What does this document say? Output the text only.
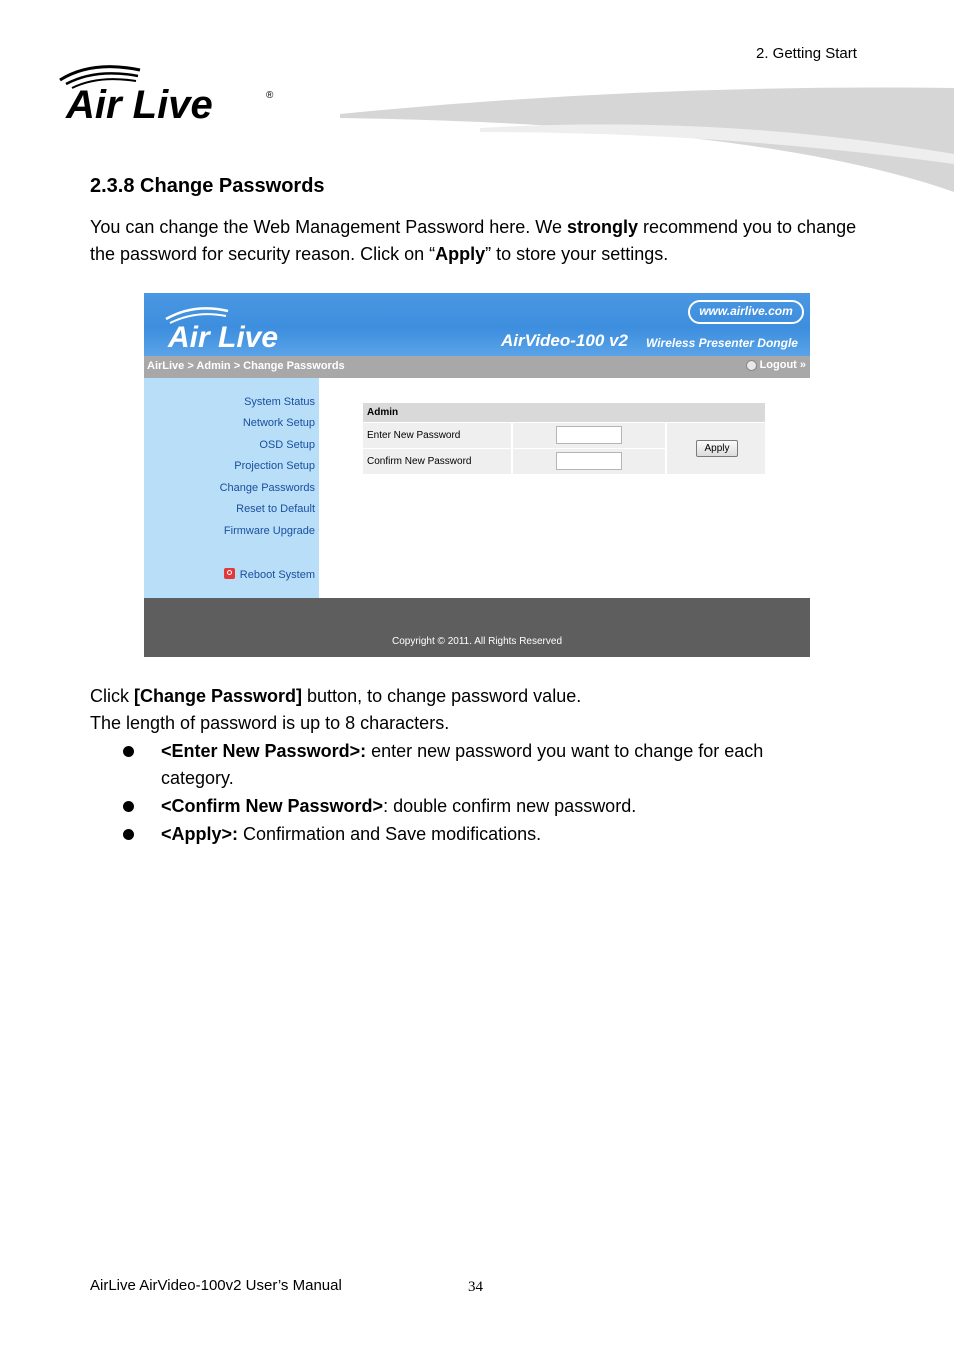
2. Getting Start
Air Live	®
2.3.8 Change Passwords
You can change the Web Management Password here. We strongly recommend you to change the password for security reason. Click on “Apply” to store your settings.
Air Live
www.airlive.com
AirVideo-100 v2 Wireless Presenter Dongle
AirLive > Admin > Change Passwords	Logout »
System Status
Network Setup
OSD Setup
Projection Setup
Change Passwords
Reset to Default
Firmware Upgrade
Reboot System
Admin
Enter New Password
Confirm New Password
Apply
Copyright © 2011. All Rights Reserved
Click [Change Password] button, to change password value.
The length of password is up to 8 characters.
<Enter New Password>: enter new password you want to change for each category.
<Confirm New Password>: double confirm new password.
<Apply>: Confirmation and Save modifications.
AirLive AirVideo-100v2 User’s Manual	34
